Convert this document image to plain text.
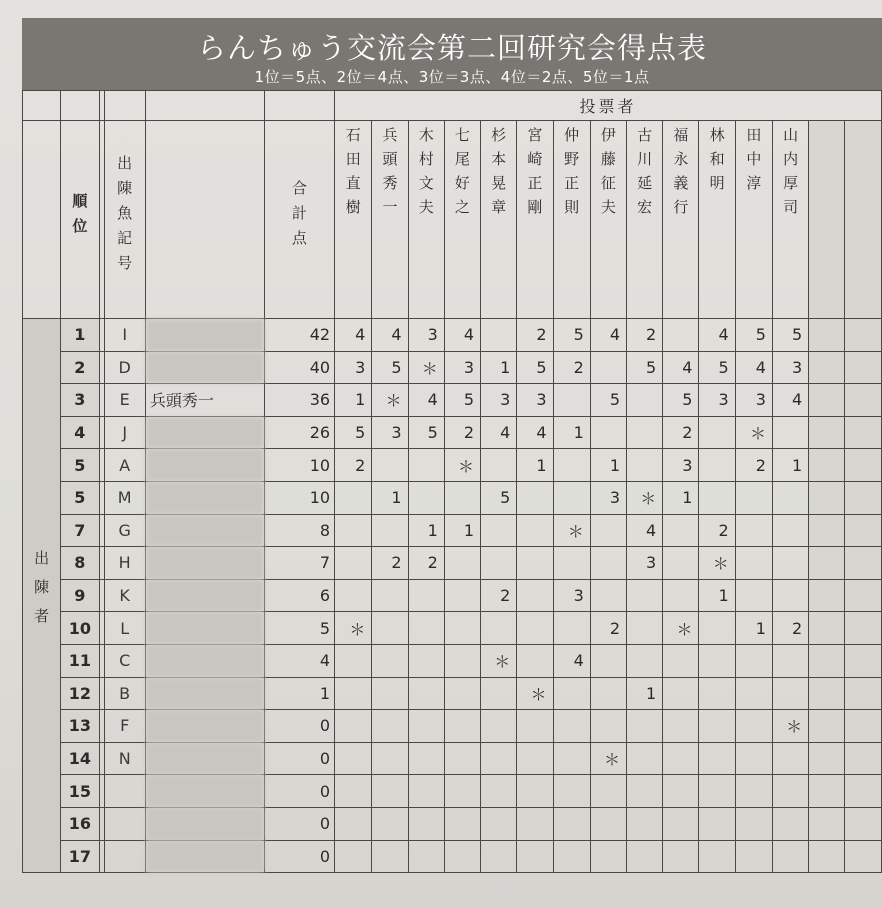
らんちゅう交流会第二回研究会得点表
1位＝5点、2位＝4点、3位＝3点、4位＝2点、5位＝1点
						投票者														
	順位		出陳魚記号		合計点	石田直樹	兵頭秀一	木村文夫	七尾好之	杉本晃章	宮崎正剛	仲野正則	伊藤征夫	古川延宏	福永義行	林和明	田中淳	山内厚司		
出陳者	1		I		42	4	4	3	4		2	5	4	2		4	5	5		
	2		D		40	3	5	＊	3	1	5	2		5	4	5	4	3		
	3		E	兵頭秀一	36	1	＊	4	5	3	3		5		5	3	3	4		
	4		J		26	5	3	5	2	4	4	1			2		＊			
	5		A		10	2			＊		1		1		3		2	1		
	5		M		10		1			5			3	＊	1					
	7		G		8			1	1			＊		4		2				
	8		H		7		2	2						3		＊				
	9		K		6					2		3				1				
	10		L		5	＊							2		＊		1	2		
	11		C		4					＊		4								
	12		B		1						＊			1						
	13		F		0													＊		
	14		N		0								＊							
	15				0															
	16				0															
	17				0															
